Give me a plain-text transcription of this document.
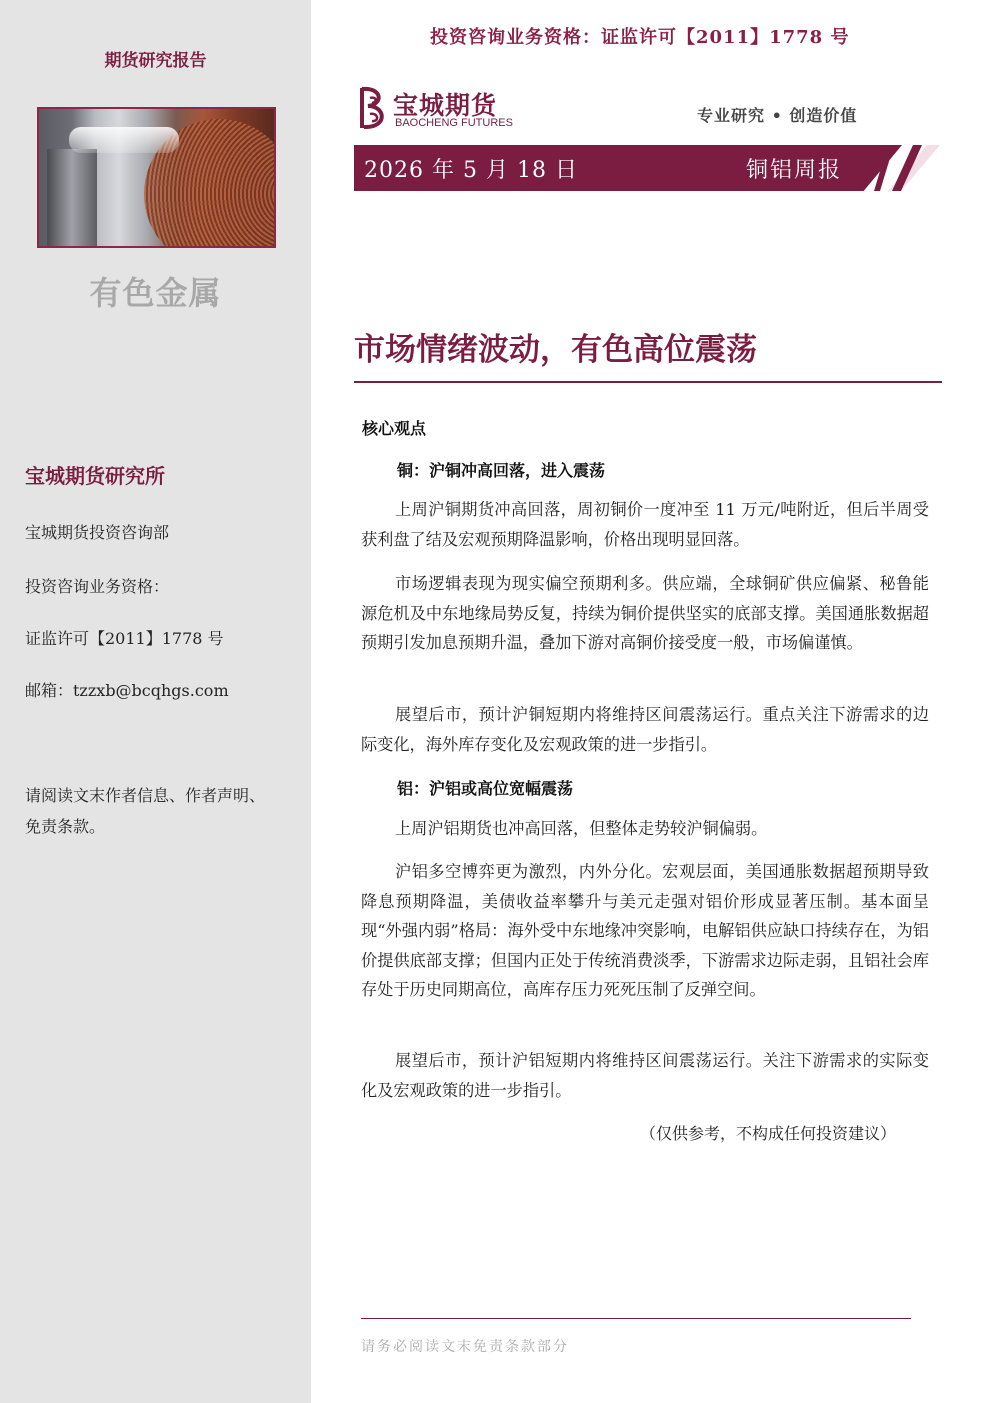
期货研究报告
有色金属
宝城期货研究所
宝城期货投资咨询部
投资咨询业务资格：
证监许可【2011】1778 号
邮箱：tzzxb@bcqhgs.com
请阅读文末作者信息、作者声明、
免责条款。
投资咨询业务资格：证监许可【2011】1778 号
宝城期货
BAOCHENG FUTURES	专业研究 • 创造价值
2026 年 5 月 18 日	铜铝周报
市场情绪波动，有色高位震荡
核心观点
铜：沪铜冲高回落，进入震荡

上周沪铜期货冲高回落，周初铜价一度冲至 11 万元/吨附近，但后半周受获利盘了结及宏观预期降温影响，价格出现明显回落。

市场逻辑表现为现实偏空预期利多。供应端，全球铜矿供应偏紧、秘鲁能源危机及中东地缘局势反复，持续为铜价提供坚实的底部支撑。美国通胀数据超预期引发加息预期升温，叠加下游对高铜价接受度一般，市场偏谨慎。

展望后市，预计沪铜短期内将维持区间震荡运行。重点关注下游需求的边际变化，海外库存变化及宏观政策的进一步指引。

铝：沪铝或高位宽幅震荡

上周沪铝期货也冲高回落，但整体走势较沪铜偏弱。

沪铝多空博弈更为激烈，内外分化。宏观层面，美国通胀数据超预期导致降息预期降温，美债收益率攀升与美元走强对铝价形成显著压制。基本面呈现“外强内弱”格局：海外受中东地缘冲突影响，电解铝供应缺口持续存在，为铝价提供底部支撑；但国内正处于传统消费淡季，下游需求边际走弱，且铝社会库存处于历史同期高位，高库存压力死死压制了反弹空间。

展望后市，预计沪铝短期内将维持区间震荡运行。关注下游需求的实际变化及宏观政策的进一步指引。

（仅供参考，不构成任何投资建议）
请务必阅读文末免责条款部分
